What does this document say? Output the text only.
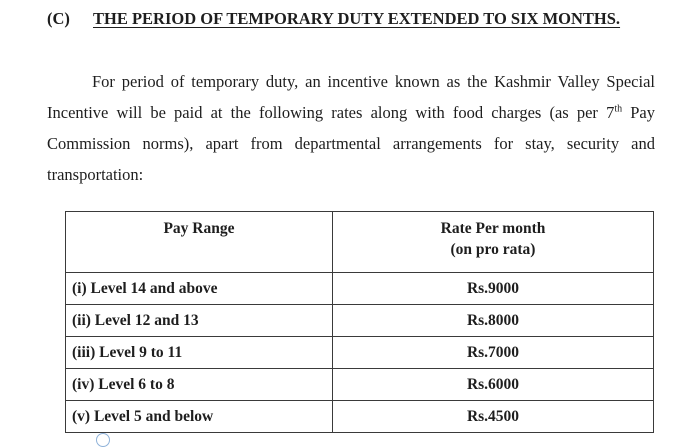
(C) THE PERIOD OF TEMPORARY DUTY EXTENDED TO SIX MONTHS.
For period of temporary duty, an incentive known as the Kashmir Valley Special
Incentive will be paid at the following rates along with food charges (as per 7th Pay
Commission norms), apart from departmental arrangements for stay, security and
transportation:
Pay Range	Rate Per month
(on pro rata)
(i) Level 14 and above	Rs.9000
(ii) Level 12 and 13	Rs.8000
(iii) Level 9 to 11	Rs.7000
(iv) Level 6 to 8	Rs.6000
(v) Level 5 and below	Rs.4500
